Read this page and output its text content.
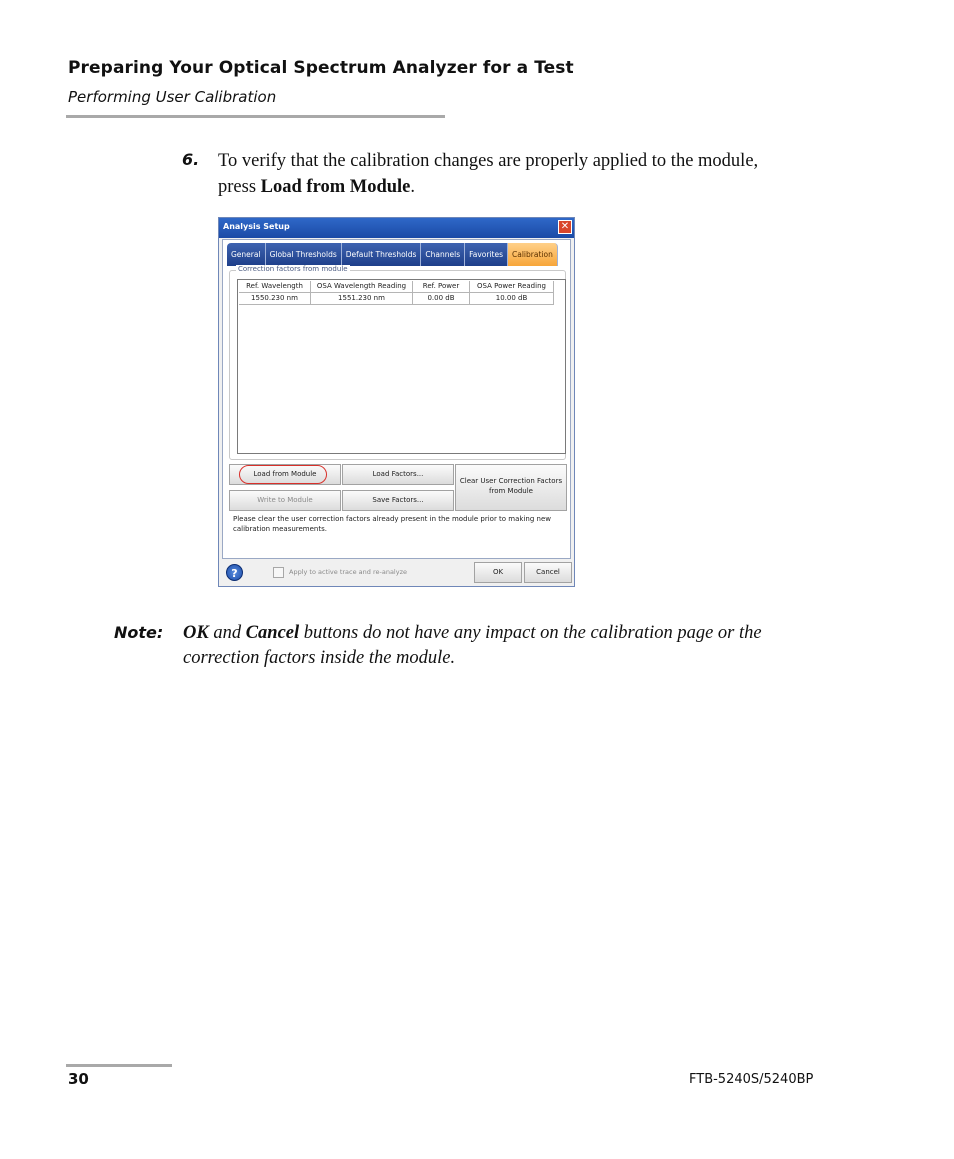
Preparing Your Optical Spectrum Analyzer for a Test
Performing User Calibration
6. To verify that the calibration changes are properly applied to the module, press Load from Module.
Analysis Setup	✕
General	Global Thresholds	Default Thresholds	Channels	Favorites	Calibration
Correction factors from module
Ref. Wavelength	OSA Wavelength Reading	Ref. Power	OSA Power Reading
1550.230 nm	1551.230 nm	0.00 dB	10.00 dB
Load from Module	Load Factors...
Write to Module	Save Factors...
Clear User Correction Factors from Module
Please clear the user correction factors already present in the module prior to making new calibration measurements.
?	Apply to active trace and re-analyze	OK	Cancel
Note: OK and Cancel buttons do not have any impact on the calibration page or the correction factors inside the module.
30	FTB-5240S/5240BP
